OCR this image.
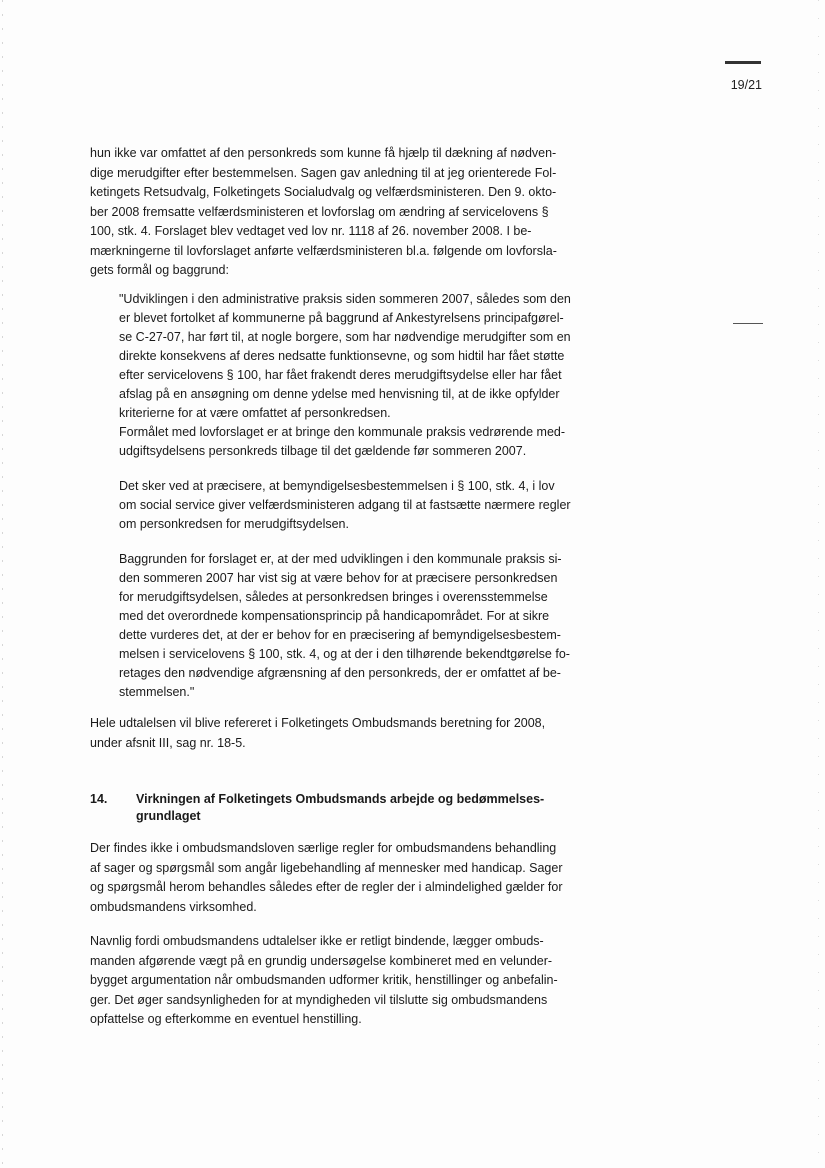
19/21
hun ikke var omfattet af den personkreds som kunne få hjælp til dækning af nødven-
dige merudgifter efter bestemmelsen. Sagen gav anledning til at jeg orienterede Fol-
ketingets Retsudvalg, Folketingets Socialudvalg og velfærdsministeren. Den 9. okto-
ber 2008 fremsatte velfærdsministeren et lovforslag om ændring af servicelovens §
100, stk. 4. Forslaget blev vedtaget ved lov nr. 1118 af 26. november 2008. I be-
mærkningerne til lovforslaget anførte velfærdsministeren bl.a. følgende om lovforsla-
gets formål og baggrund:
"Udviklingen i den administrative praksis siden sommeren 2007, således som den
er blevet fortolket af kommunerne på baggrund af Ankestyrelsens principafgørel-
se C-27-07, har ført til, at nogle borgere, som har nødvendige merudgifter som en
direkte konsekvens af deres nedsatte funktionsevne, og som hidtil har fået støtte
efter servicelovens § 100, har fået frakendt deres merudgiftsydelse eller har fået
afslag på en ansøgning om denne ydelse med henvisning til, at de ikke opfylder
kriterierne for at være omfattet af personkredsen.
Formålet med lovforslaget er at bringe den kommunale praksis vedrørende med-
udgiftsydelsens personkreds tilbage til det gældende før sommeren 2007.
Det sker ved at præcisere, at bemyndigelsesbestemmelsen i § 100, stk. 4, i lov
om social service giver velfærdsministeren adgang til at fastsætte nærmere regler
om personkredsen for merudgiftsydelsen.
Baggrunden for forslaget er, at der med udviklingen i den kommunale praksis si-
den sommeren 2007 har vist sig at være behov for at præcisere personkredsen
for merudgiftsydelsen, således at personkredsen bringes i overensstemmelse
med det overordnede kompensationsprincip på handicapområdet. For at sikre
dette vurderes det, at der er behov for en præcisering af bemyndigelsesbestem-
melsen i servicelovens § 100, stk. 4, og at der i den tilhørende bekendtgørelse fo-
retages den nødvendige afgrænsning af den personkreds, der er omfattet af be-
stemmelsen."
Hele udtalelsen vil blive refereret i Folketingets Ombudsmands beretning for 2008,
under afsnit III, sag nr. 18-5.
14. Virkningen af Folketingets Ombudsmands arbejde og bedømmelses-
grundlaget
Der findes ikke i ombudsmandsloven særlige regler for ombudsmandens behandling
af sager og spørgsmål som angår ligebehandling af mennesker med handicap. Sager
og spørgsmål herom behandles således efter de regler der i almindelighed gælder for
ombudsmandens virksomhed.
Navnlig fordi ombudsmandens udtalelser ikke er retligt bindende, lægger ombuds-
manden afgørende vægt på en grundig undersøgelse kombineret med en velunder-
bygget argumentation når ombudsmanden udformer kritik, henstillinger og anbefalin-
ger. Det øger sandsynligheden for at myndigheden vil tilslutte sig ombudsmandens
opfattelse og efterkomme en eventuel henstilling.
